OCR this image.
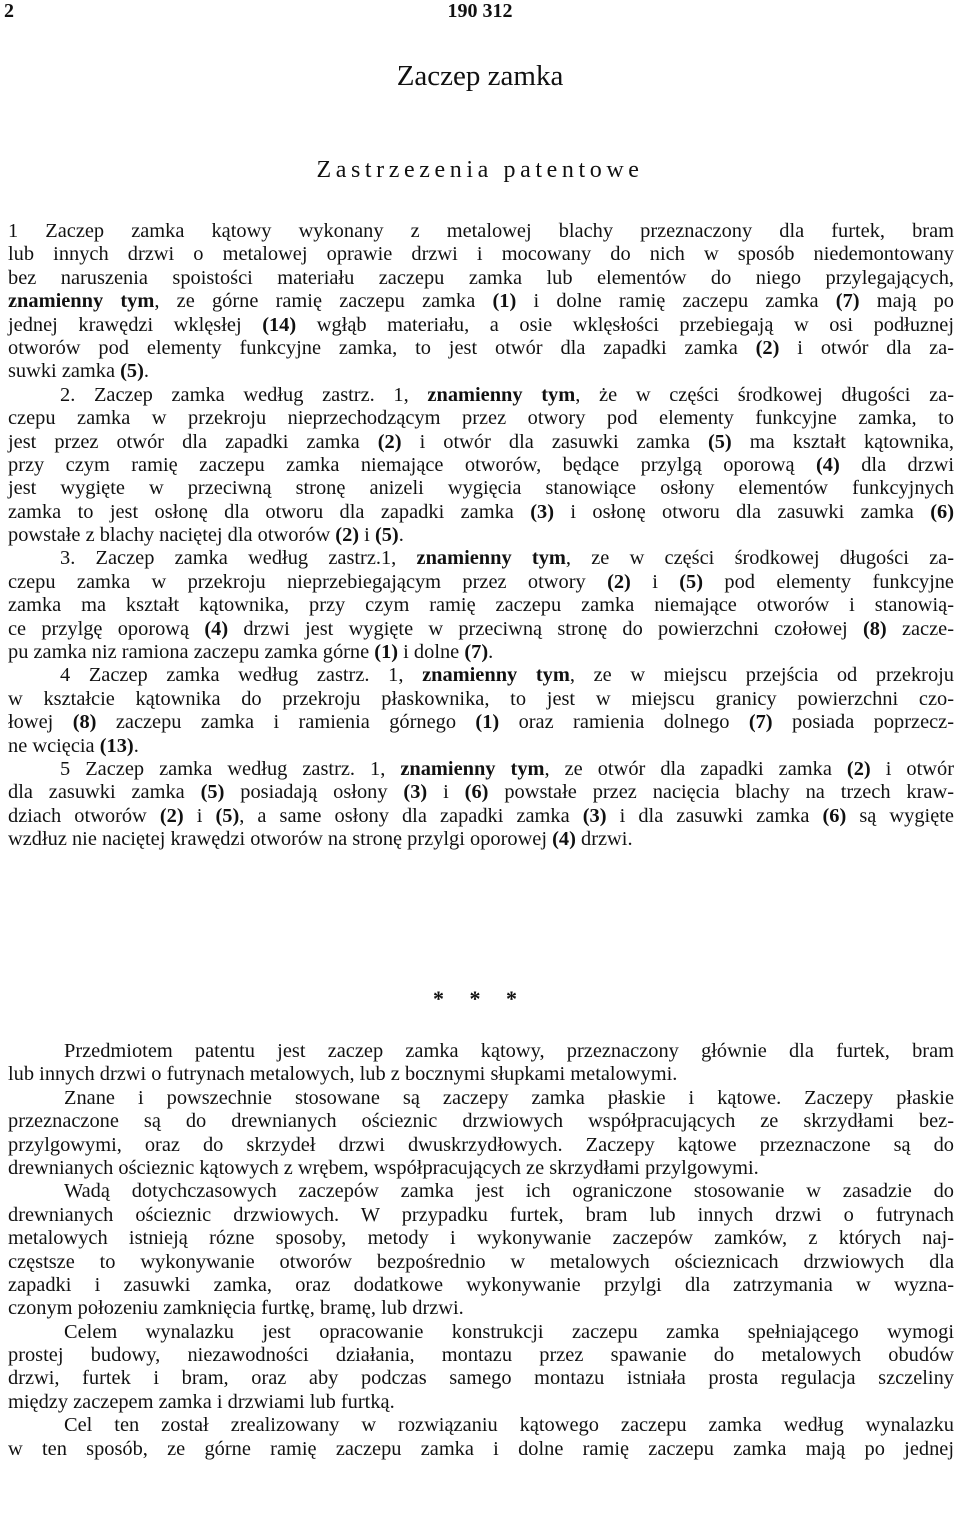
2	190 312
Zaczep zamka
Zastrzezenia patentowe
1 Zaczep zamka kątowy wykonany z metalowej blachy przeznaczony dla furtek, bram
lub innych drzwi o metalowej oprawie drzwi i mocowany do nich w sposób niedemontowany
bez naruszenia spoistości materiału zaczepu zamka lub elementów do niego przylegających,
znamienny tym, ze górne ramię zaczepu zamka (1) i dolne ramię zaczepu zamka (7) mają po
jednej krawędzi wklęsłej (14) wgłąb materiału, a osie wklęsłości przebiegają w osi podłuznej
otworów pod elementy funkcyjne zamka, to jest otwór dla zapadki zamka (2) i otwór dla za-
suwki zamka (5).
2. Zaczep zamka według zastrz. 1, znamienny tym, że w części środkowej długości za-
czepu zamka w przekroju nieprzechodzącym przez otwory pod elementy funkcyjne zamka, to
jest przez otwór dla zapadki zamka (2) i otwór dla zasuwki zamka (5) ma kształt kątownika,
przy czym ramię zaczepu zamka niemające otworów, będące przylgą oporową (4) dla drzwi
jest wygięte w przeciwną stronę anizeli wygięcia stanowiące osłony elementów funkcyjnych
zamka to jest osłonę dla otworu dla zapadki zamka (3) i osłonę otworu dla zasuwki zamka (6)
powstałe z blachy naciętej dla otworów (2) i (5).
3. Zaczep zamka według zastrz.1, znamienny tym, ze w części środkowej długości za-
czepu zamka w przekroju nieprzebiegającym przez otwory (2) i (5) pod elementy funkcyjne
zamka ma kształt kątownika, przy czym ramię zaczepu zamka niemające otworów i stanowią-
ce przylgę oporową (4) drzwi jest wygięte w przeciwną stronę do powierzchni czołowej (8) zacze-
pu zamka niz ramiona zaczepu zamka górne (1) i dolne (7).
4 Zaczep zamka według zastrz. 1, znamienny tym, ze w miejscu przejścia od przekroju
w kształcie kątownika do przekroju płaskownika, to jest w miejscu granicy powierzchni czo-
łowej (8) zaczepu zamka i ramienia górnego (1) oraz ramienia dolnego (7) posiada poprzecz-
ne wcięcia (13).
5 Zaczep zamka według zastrz. 1, znamienny tym, ze otwór dla zapadki zamka (2) i otwór
dla zasuwki zamka (5) posiadają osłony (3) i (6) powstałe przez nacięcia blachy na trzech kraw-
dziach otworów (2) i (5), a same osłony dla zapadki zamka (3) i dla zasuwki zamka (6) są wygięte
wzdłuz nie naciętej krawędzi otworów na stronę przylgi oporowej (4) drzwi.
* * *
Przedmiotem patentu jest zaczep zamka kątowy, przeznaczony głównie dla furtek, bram
lub innych drzwi o futrynach metalowych, lub z bocznymi słupkami metalowymi.
Znane i powszechnie stosowane są zaczepy zamka płaskie i kątowe. Zaczepy płaskie
przeznaczone są do drewnianych ościeznic drzwiowych współpracujących ze skrzydłami bez-
przylgowymi, oraz do skrzydeł drzwi dwuskrzydłowych. Zaczepy kątowe przeznaczone są do
drewnianych ościeznic kątowych z wrębem, współpracujących ze skrzydłami przylgowymi.
Wadą dotychczasowych zaczepów zamka jest ich ograniczone stosowanie w zasadzie do
drewnianych ościeznic drzwiowych. W przypadku furtek, bram lub innych drzwi o futrynach
metalowych istnieją rózne sposoby, metody i wykonywanie zaczepów zamków, z których naj-
częstsze to wykonywanie otworów bezpośrednio w metalowych ościeznicach drzwiowych dla
zapadki i zasuwki zamka, oraz dodatkowe wykonywanie przylgi dla zatrzymania w wyzna-
czonym połozeniu zamknięcia furtkę, bramę, lub drzwi.
Celem wynalazku jest opracowanie konstrukcji zaczepu zamka spełniającego wymogi
prostej budowy, niezawodności działania, montazu przez spawanie do metalowych obudów
drzwi, furtek i bram, oraz aby podczas samego montazu istniała prosta regulacja szczeliny
między zaczepem zamka i drzwiami lub furtką.
Cel ten został zrealizowany w rozwiązaniu kątowego zaczepu zamka według wynalazku
w ten sposób, ze górne ramię zaczepu zamka i dolne ramię zaczepu zamka mają po jednej
